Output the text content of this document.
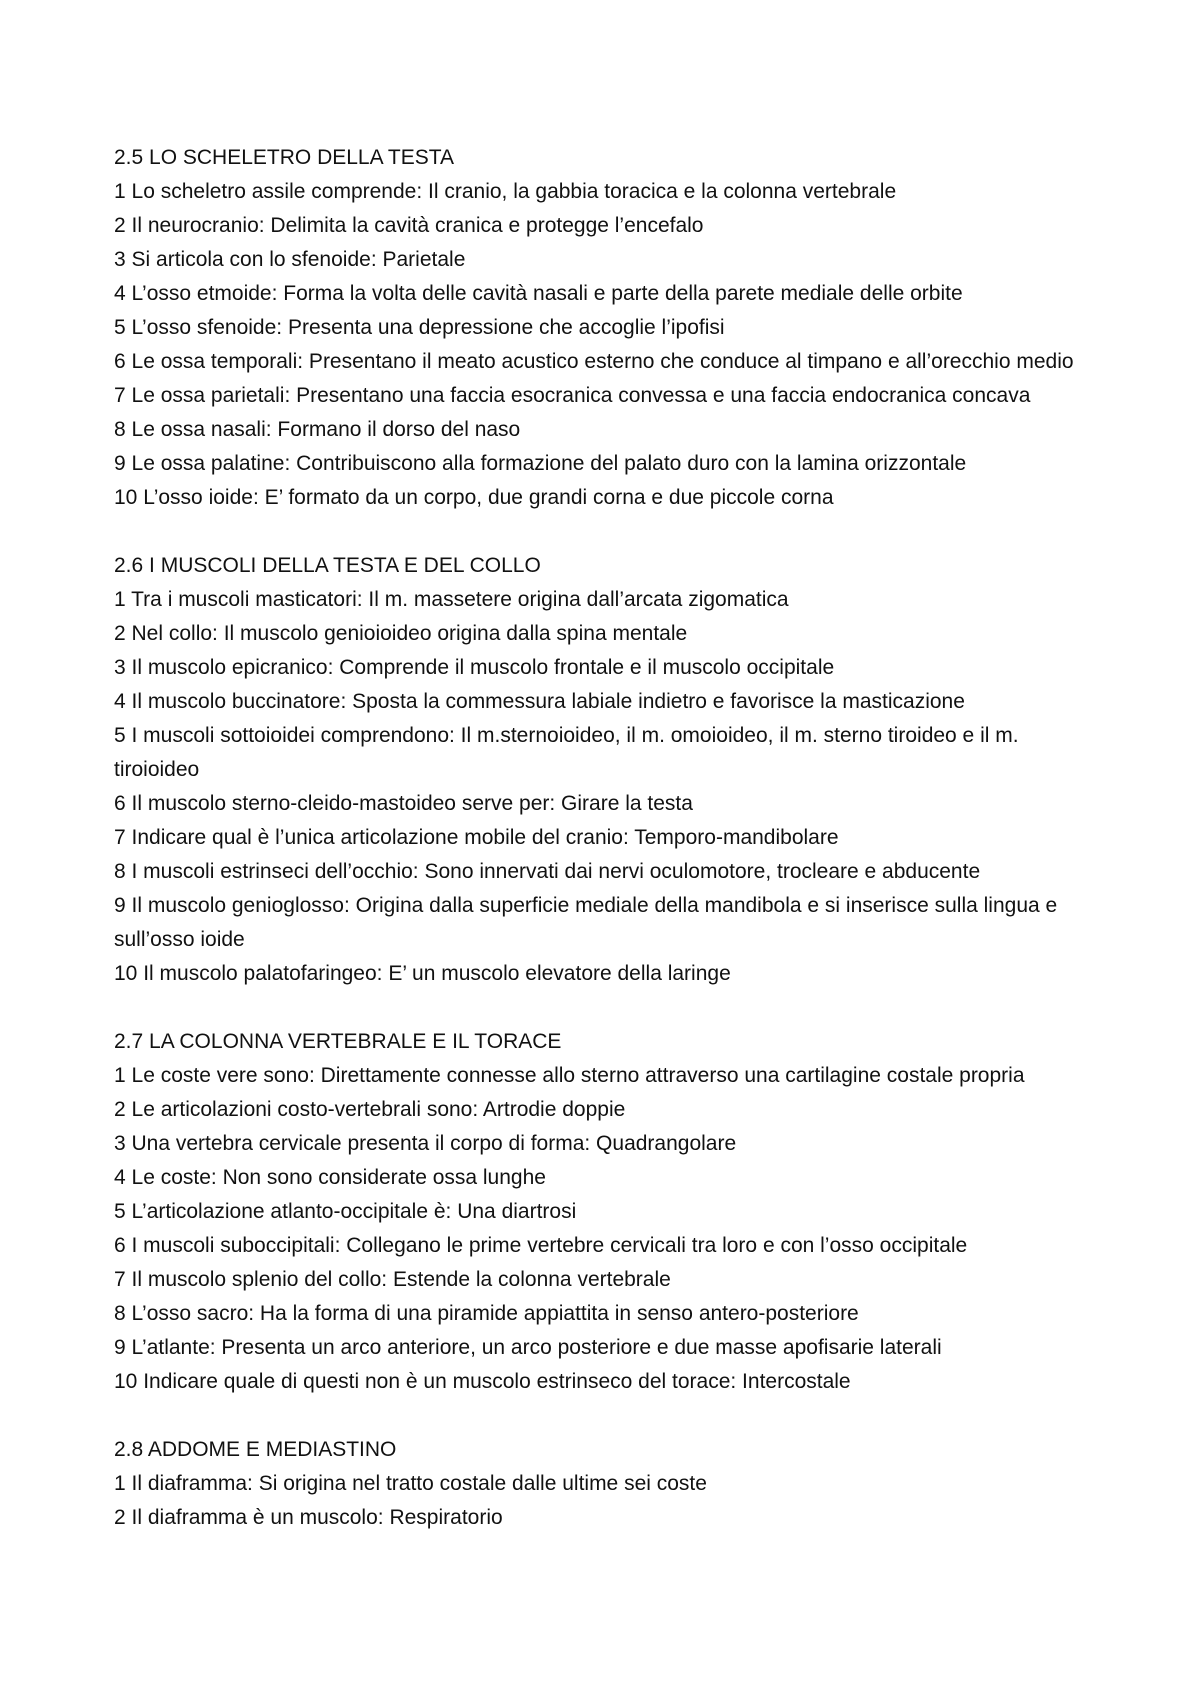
2.5 LO SCHELETRO DELLA TESTA

1 Lo scheletro assile comprende: Il cranio, la gabbia toracica e la colonna vertebrale

2 Il neurocranio: Delimita la cavità cranica e protegge l’encefalo

3 Si articola con lo sfenoide: Parietale

4 L’osso etmoide: Forma la volta delle cavità nasali e parte della parete mediale delle orbite

5 L’osso sfenoide: Presenta una depressione che accoglie l’ipofisi

6 Le ossa temporali: Presentano il meato acustico esterno che conduce al timpano e all’orecchio medio

7 Le ossa parietali: Presentano una faccia esocranica convessa e una faccia endocranica concava

8 Le ossa nasali: Formano il dorso del naso

9 Le ossa palatine: Contribuiscono alla formazione del palato duro con la lamina orizzontale

10 L’osso ioide: E’ formato da un corpo, due grandi corna e due piccole corna

2.6 I MUSCOLI DELLA TESTA E DEL COLLO

1 Tra i muscoli masticatori: Il m. massetere origina dall’arcata zigomatica

2 Nel collo: Il muscolo genioioideo origina dalla spina mentale

3 Il muscolo epicranico: Comprende il muscolo frontale e il muscolo occipitale

4 Il muscolo buccinatore: Sposta la commessura labiale indietro e favorisce la masticazione

5 I muscoli sottoioidei comprendono: Il m.sternoioideo, il m. omoioideo, il m. sterno tiroideo e il m. tiroioideo

6 Il muscolo sterno-cleido-mastoideo serve per: Girare la testa

7 Indicare qual è l’unica articolazione mobile del cranio: Temporo-mandibolare

8 I muscoli estrinseci dell’occhio: Sono innervati dai nervi oculomotore, trocleare e abducente

9 Il muscolo genioglosso: Origina dalla superficie mediale della mandibola e si inserisce sulla lingua e sull’osso ioide

10 Il muscolo palatofaringeo: E’ un muscolo elevatore della laringe

2.7 LA COLONNA VERTEBRALE E IL TORACE

1 Le coste vere sono: Direttamente connesse allo sterno attraverso una cartilagine costale propria

2 Le articolazioni costo-vertebrali sono: Artrodie doppie

3 Una vertebra cervicale presenta il corpo di forma: Quadrangolare

4 Le coste: Non sono considerate ossa lunghe

5 L’articolazione atlanto-occipitale è: Una diartrosi

6 I muscoli suboccipitali: Collegano le prime vertebre cervicali tra loro e con l’osso occipitale

7 Il muscolo splenio del collo: Estende la colonna vertebrale

8 L’osso sacro: Ha la forma di una piramide appiattita in senso antero-posteriore

9 L’atlante: Presenta un arco anteriore, un arco posteriore e due masse apofisarie laterali

10 Indicare quale di questi non è un muscolo estrinseco del torace: Intercostale

2.8 ADDOME E MEDIASTINO

1 Il diaframma: Si origina nel tratto costale dalle ultime sei coste

2 Il diaframma è un muscolo: Respiratorio
